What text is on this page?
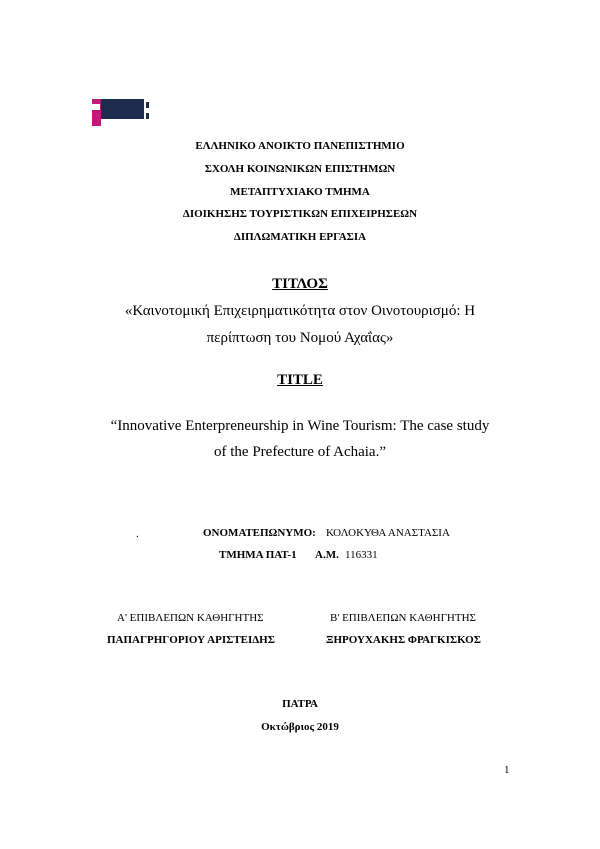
ΕΛΛΗΝΙΚΟ ΑΝΟΙΚΤΟ ΠΑΝΕΠΙΣΤΗΜΙΟ
ΣΧΟΛΗ ΚΟΙΝΩΝΙΚΩΝ ΕΠΙΣΤΗΜΩΝ
ΜΕΤΑΠΤΥΧΙΑΚΟ ΤΜΗΜΑ
ΔΙΟΙΚΗΣΗΣ ΤΟΥΡΙΣΤΙΚΩΝ ΕΠΙΧΕΙΡΗΣΕΩΝ
ΔΙΠΛΩΜΑΤΙΚΗ ΕΡΓΑΣΙΑ
ΤΙΤΛΟΣ
«Καινοτομική Επιχειρηματικότητα στον Οινοτουρισμό: Η
περίπτωση του Νομού Αχαΐας»
TITLE
“Innovative Enterpreneurship in Wine Tourism: The case study
of the Prefecture of Achaia.”
.	ΟΝΟΜΑΤΕΠΩΝΥΜΟ: ΚΟΛΟΚΥΘΑ ΑΝΑΣΤΑΣΙΑ
ΤΜΗΜΑ ΠΑΤ-1 Α.Μ. 116331
Α' ΕΠΙΒΛΕΠΩΝ ΚΑΘΗΓΗΤΗΣ
ΠΑΠΑΓΡΗΓΟΡΙΟΥ ΑΡΙΣΤΕΙΔΗΣ
Β' ΕΠΙΒΛΕΠΩΝ ΚΑΘΗΓΗΤΗΣ
ΞΗΡΟΥΧΑΚΗΣ ΦΡΑΓΚΙΣΚΟΣ
ΠΑΤΡΑ
Οκτώβριος 2019
1
